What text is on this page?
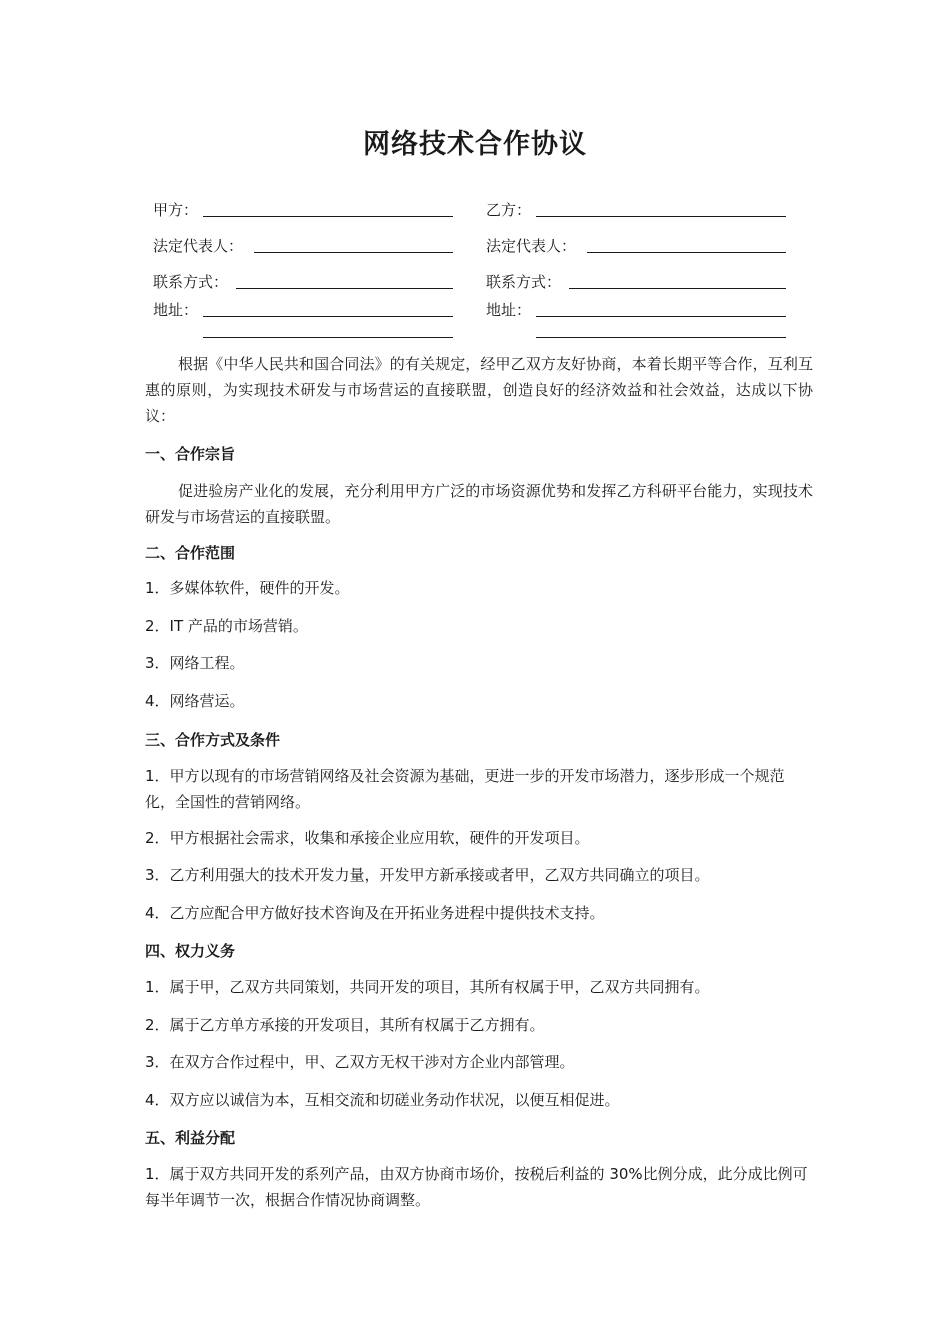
网络技术合作协议
甲方：
法定代表人：
联系方式：
地址：
乙方：
法定代表人：
联系方式：
地址：
根据《中华人民共和国合同法》的有关规定，经甲乙双方友好协商，本着长期平等合作，互利互惠的原则，为实现技术研发与市场营运的直接联盟，创造良好的经济效益和社会效益，达成以下协议：
一、合作宗旨
促进验房产业化的发展，充分利用甲方广泛的市场资源优势和发挥乙方科研平台能力，实现技术研发与市场营运的直接联盟。
二、合作范围
1．多媒体软件，硬件的开发。
2．IT 产品的市场营销。
3．网络工程。
4．网络营运。
三、合作方式及条件
1．甲方以现有的市场营销网络及社会资源为基础，更进一步的开发市场潜力，逐步形成一个规范化，全国性的营销网络。
2．甲方根据社会需求，收集和承接企业应用软，硬件的开发项目。
3．乙方利用强大的技术开发力量，开发甲方新承接或者甲，乙双方共同确立的项目。
4．乙方应配合甲方做好技术咨询及在开拓业务进程中提供技术支持。
四、权力义务
1．属于甲，乙双方共同策划，共同开发的项目，其所有权属于甲，乙双方共同拥有。
2．属于乙方单方承接的开发项目，其所有权属于乙方拥有。
3．在双方合作过程中，甲、乙双方无权干涉对方企业内部管理。
4．双方应以诚信为本，互相交流和切磋业务动作状况，以便互相促进。
五、利益分配
1．属于双方共同开发的系列产品，由双方协商市场价，按税后利益的 30%比例分成，此分成比例可每半年调节一次，根据合作情况协商调整。
